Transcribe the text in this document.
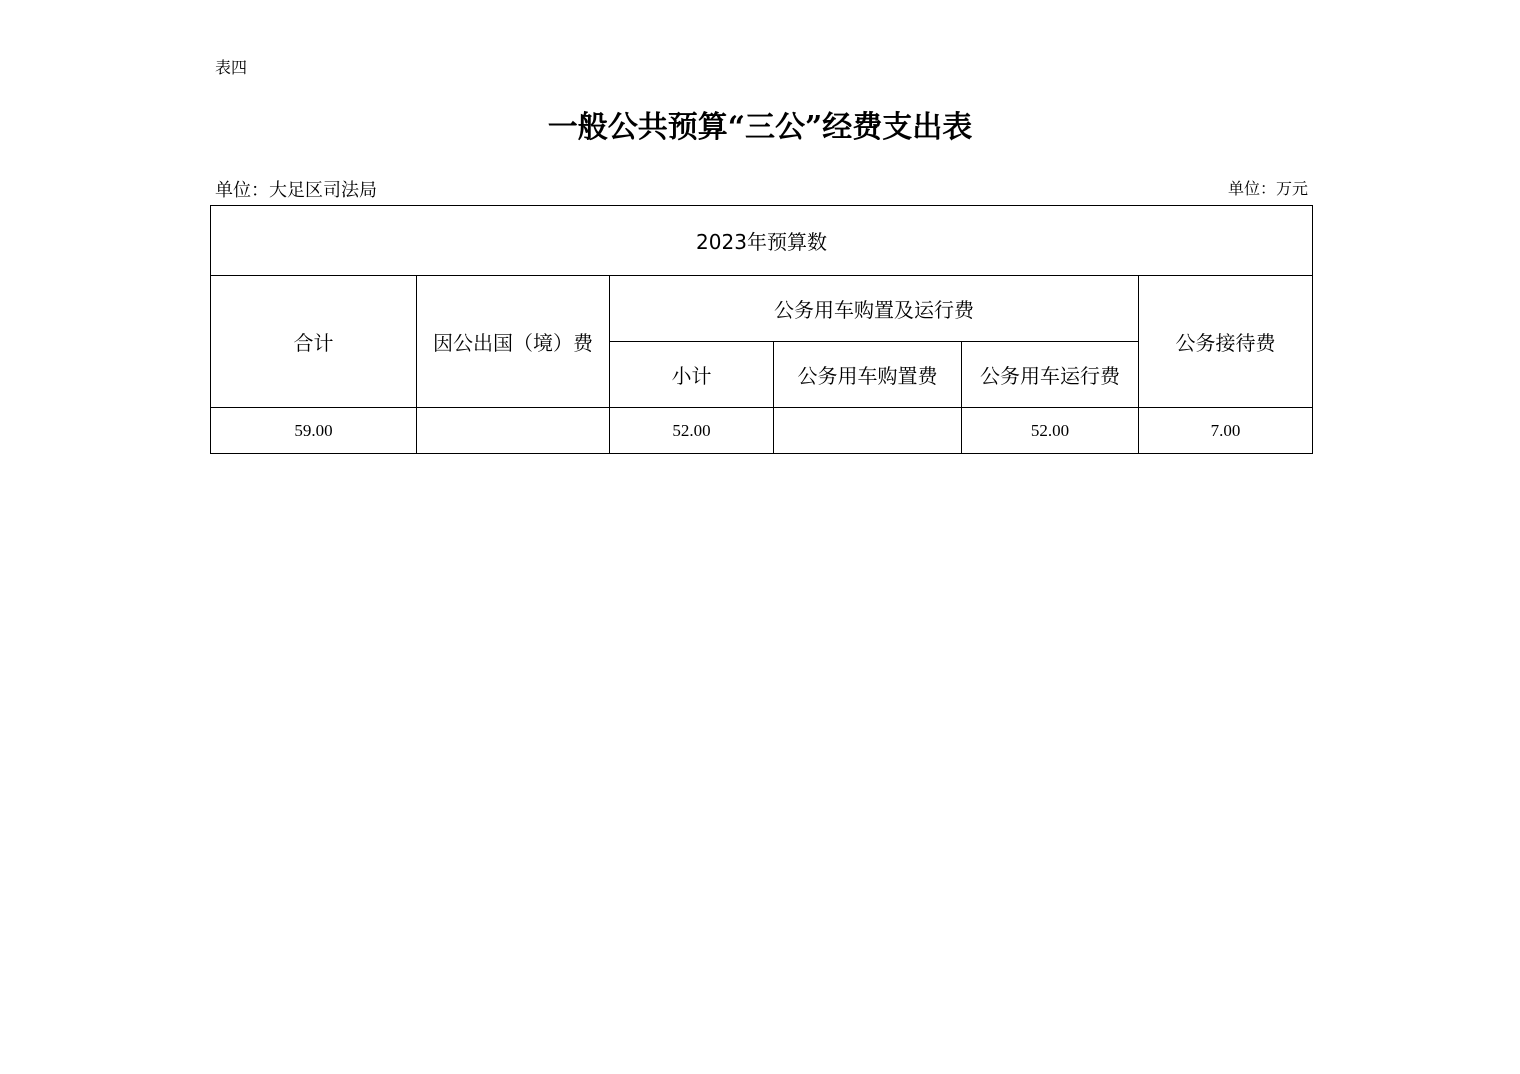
表四
一般公共预算“三公”经费支出表
单位：大足区司法局	单位：万元
2023年预算数					
合计	因公出国（境）费	公务用车购置及运行费			公务接待费
		小计	公务用车购置费	公务用车运行费	
59.00		52.00		52.00	7.00
